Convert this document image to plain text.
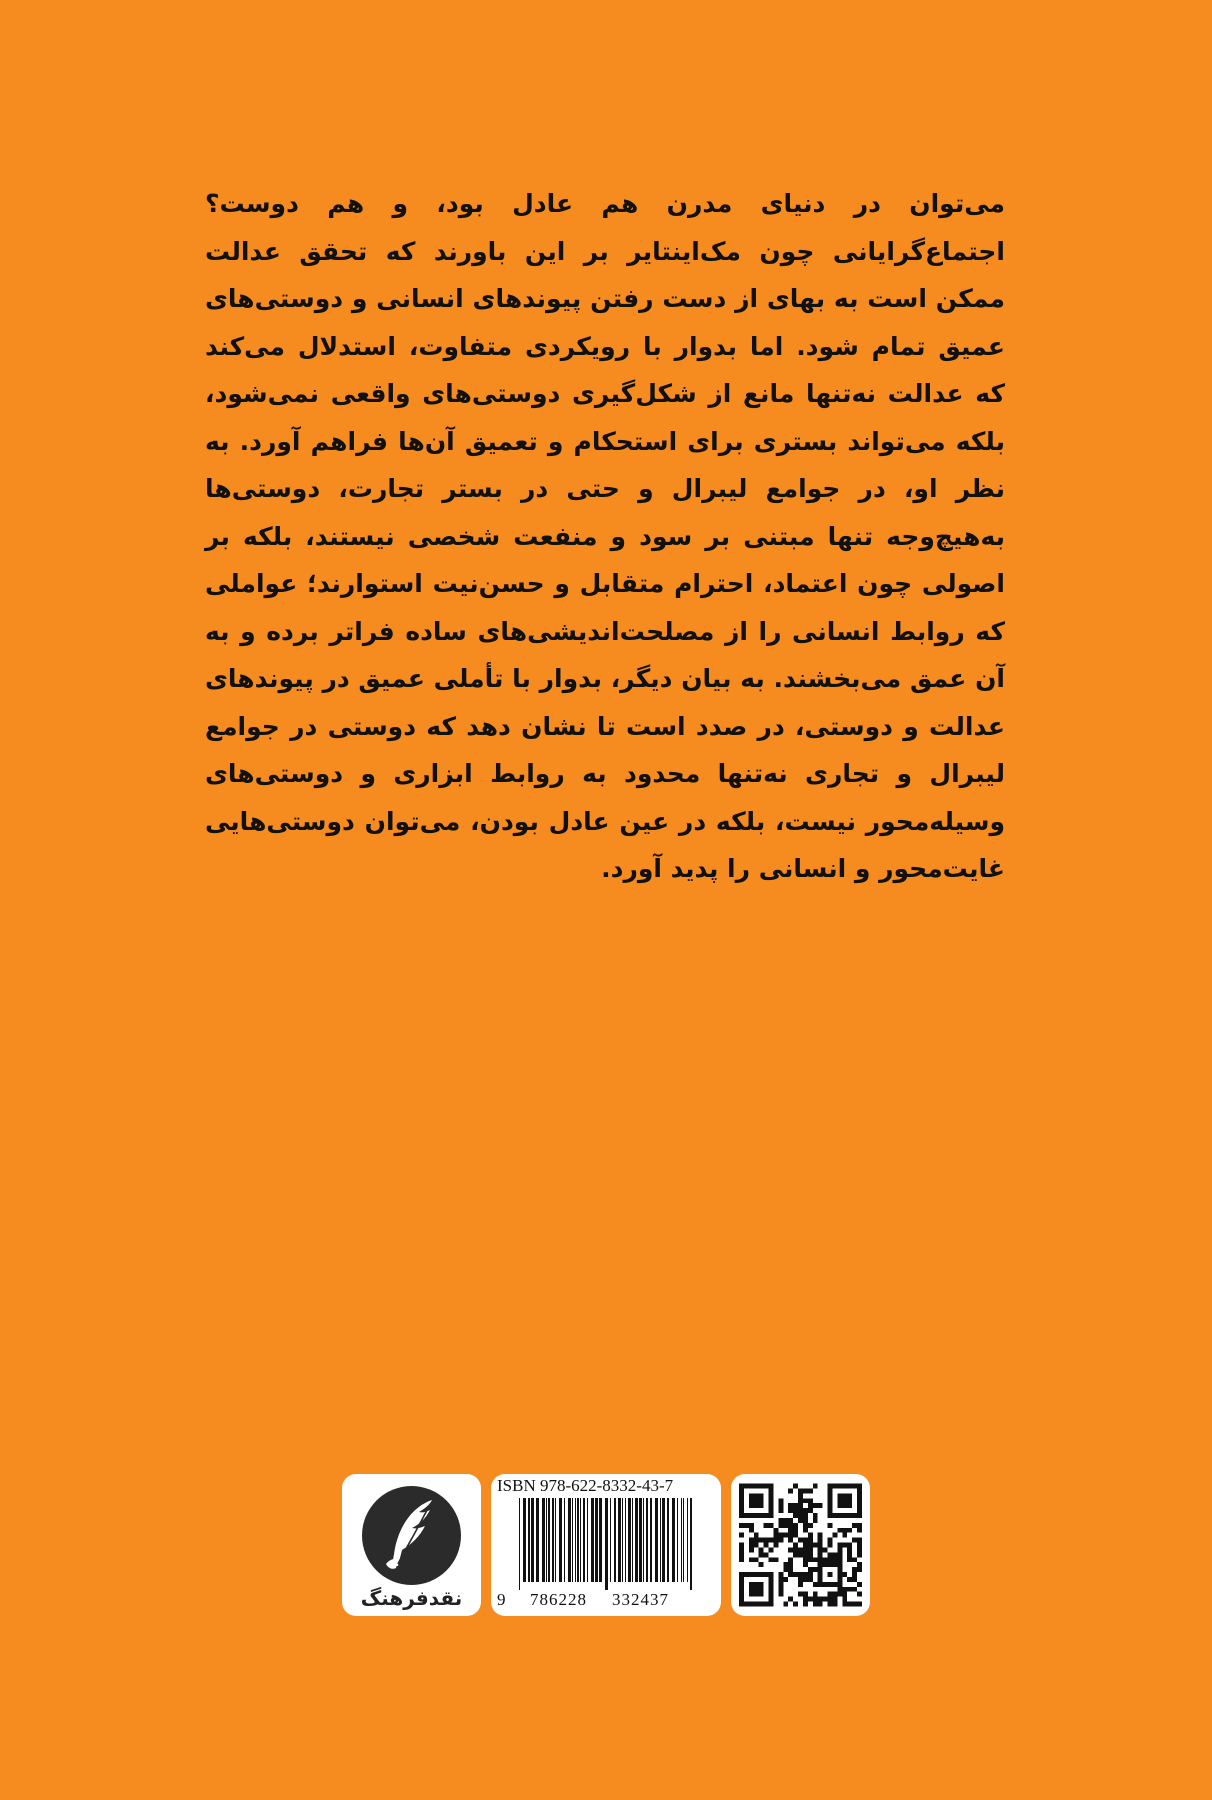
می‌توان در دنیای مدرن هم عادل بود، و هم دوست؟ اجتماع‌گرایانی چون مک‌اینتایر بر این باورند که تحقق عدالت ممکن است به بهای از دست رفتن پیوندهای انسانی و دوستی‌های عمیق تمام شود. اما بدوار با رویکردی متفاوت، استدلال می‌کند که عدالت نه‌تنها مانع از شکل‌گیری دوستی‌های واقعی نمی‌شود، بلکه می‌تواند بستری برای استحکام و تعمیق آن‌ها فراهم آورد. به نظر او، در جوامع لیبرال و حتی در بستر تجارت، دوستی‌ها به‌هیچ‌وجه تنها مبتنی بر سود و منفعت شخصی نیستند، بلکه بر اصولی چون اعتماد، احترام متقابل و حسن‌نیت استوارند؛ عواملی که روابط انسانی را از مصلحت‌اندیشی‌های ساده فراتر برده و به آن عمق می‌بخشند. به بیان دیگر، بدوار با تأملی عمیق در پیوندهای عدالت و دوستی، در صدد است تا نشان دهد که دوستی در جوامع لیبرال و تجاری نه‌تنها محدود به روابط ابزاری و دوستی‌های وسیله‌محور نیست، بلکه در عین عادل بودن، می‌توان دوستی‌هایی غایت‌محور و انسانی را پدید آورد.

نقدفرهنگ
ISBN 978-622-8332-43-7
9 786228 332437
